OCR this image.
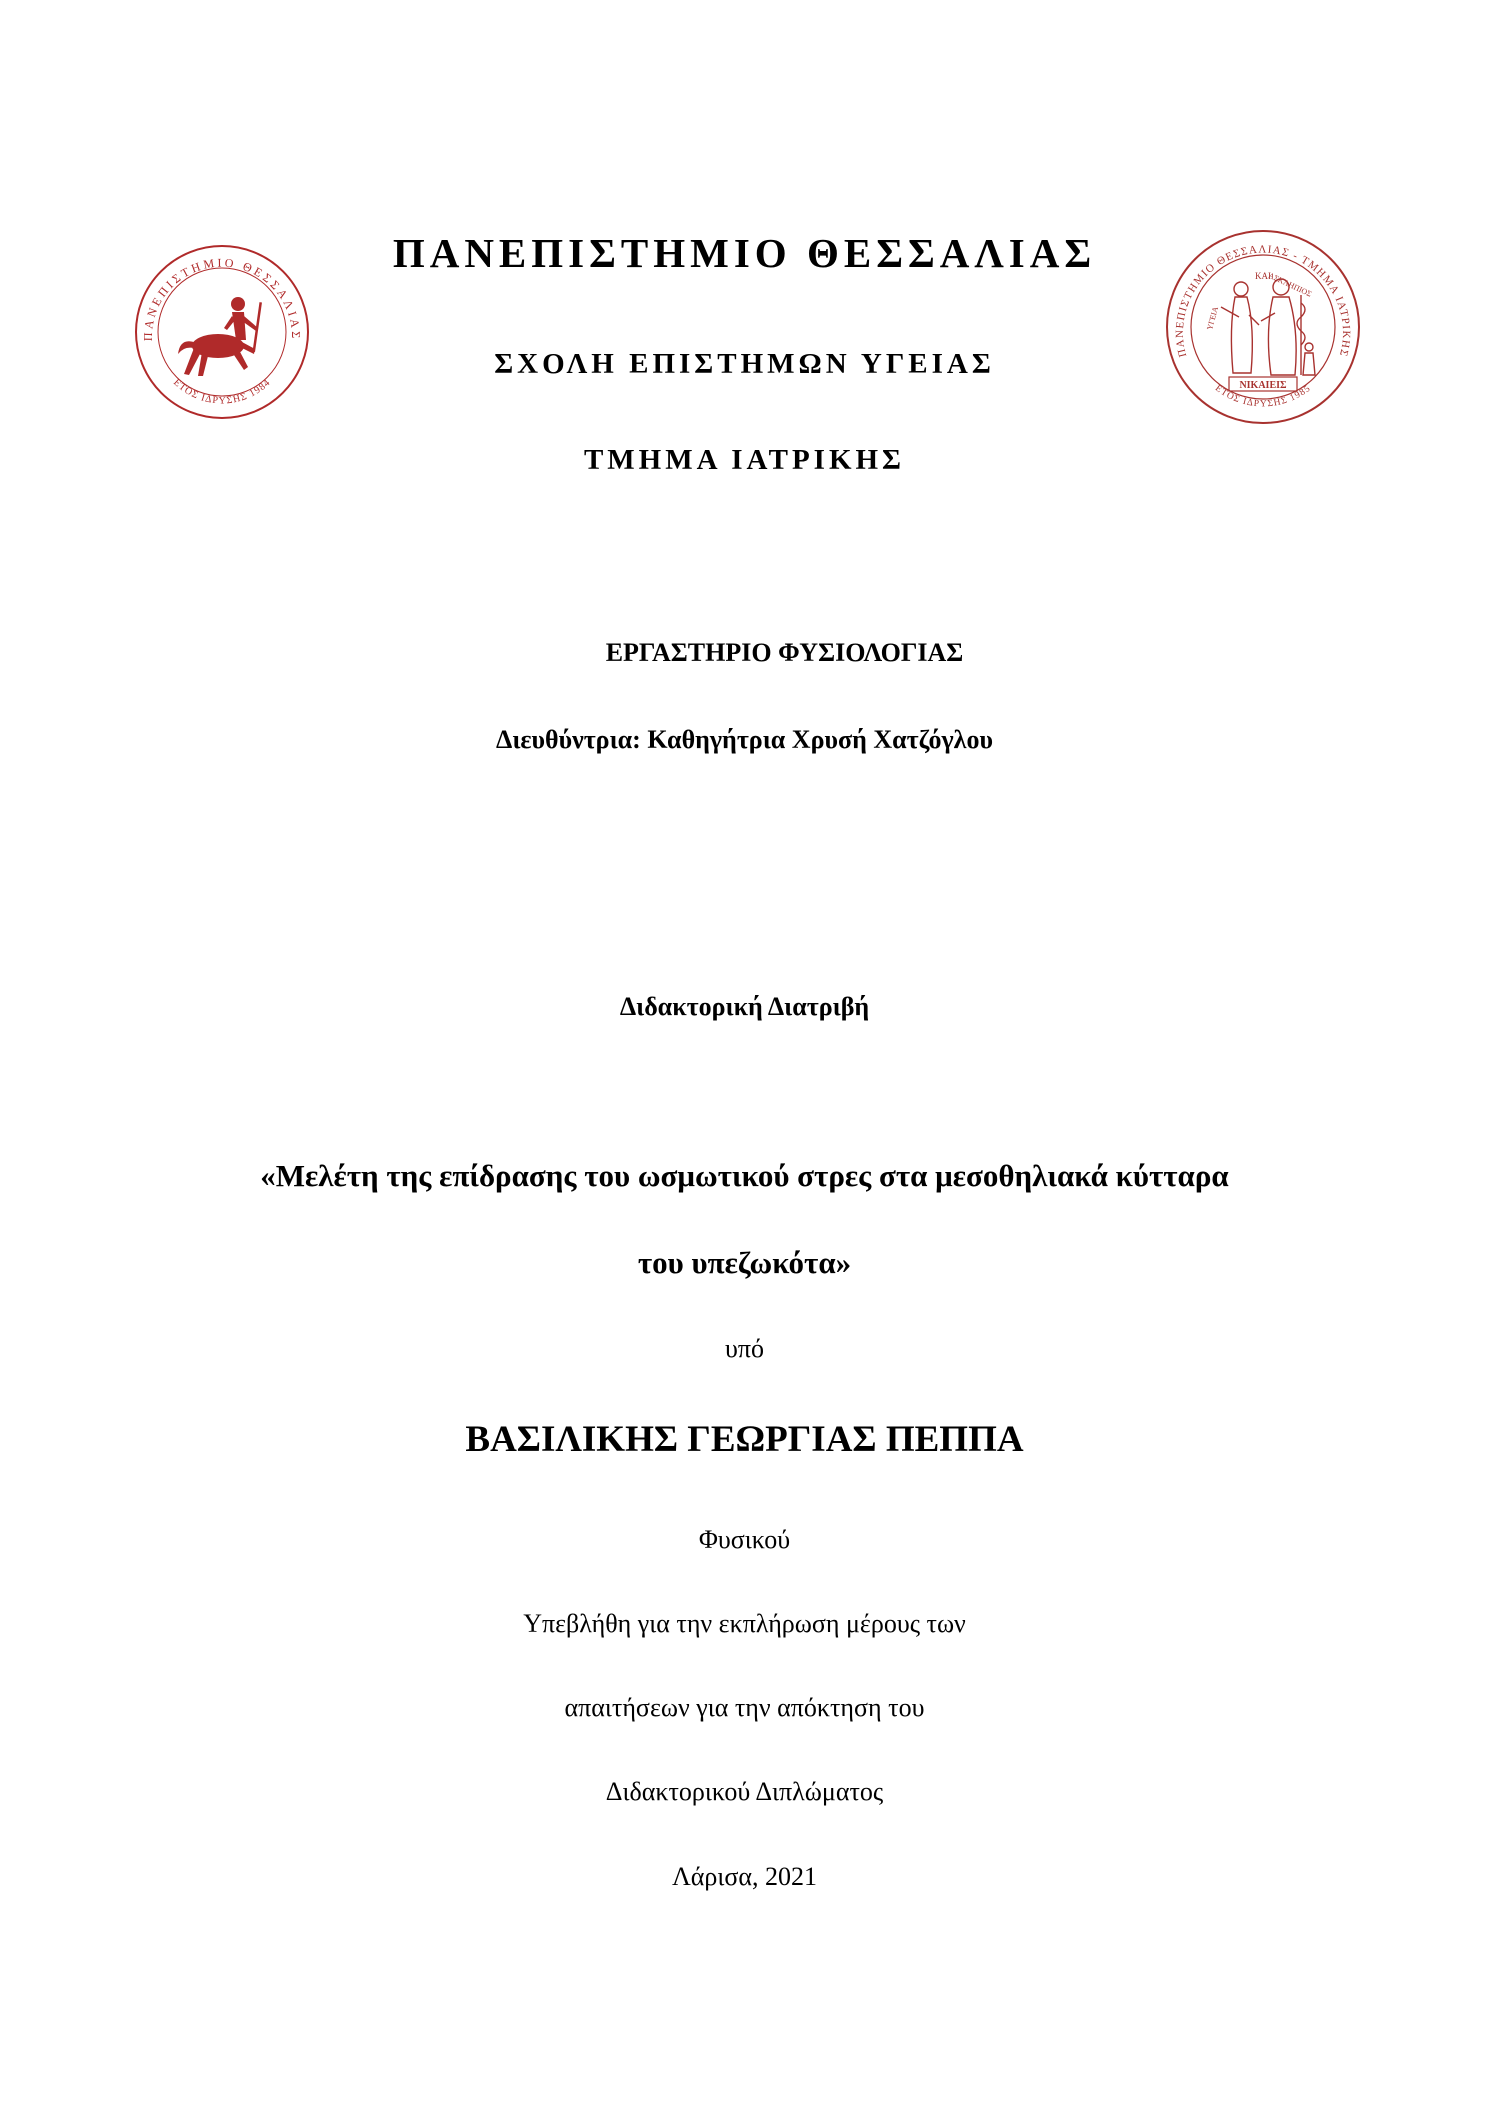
ΠΑΝΕΠΙΣΤΗΜΙΟ ΘΕΣΣΑΛΙΑΣ
ΕΤΟΣ ΙΔΡΥΣΗΣ 1984
ΠΑΝΕΠΙΣΤΗΜΙΟ ΘΕΣΣΑΛΙΑΣ - ΤΜΗΜΑ ΙΑΤΡΙΚΗΣ
ΕΤΟΣ ΙΔΡΥΣΗΣ 1985
ΚΑΙ
ΥΓΕΙΑ
ΑΣΚΛΗΠΙΟΣ
ΝΙΚΑΙΕΙΣ
ΠΑΝΕΠΙΣΤΗΜΙΟ ΘΕΣΣΑΛΙΑΣ
ΣΧΟΛΗ ΕΠΙΣΤΗΜΩΝ ΥΓΕΙΑΣ
ΤΜΗΜΑ ΙΑΤΡΙΚΗΣ
ΕΡΓΑΣΤΗΡΙΟ ΦΥΣΙΟΛΟΓΙΑΣ
Διευθύντρια: Καθηγήτρια Χρυσή Χατζόγλου
Διδακτορική Διατριβή
«Μελέτη της επίδρασης του ωσμωτικού στρες στα μεσοθηλιακά κύτταρα
του υπεζωκότα»
υπό
ΒΑΣΙΛΙΚΗΣ ΓΕΩΡΓΙΑΣ ΠΕΠΠΑ
Φυσικού
Υπεβλήθη για την εκπλήρωση μέρους των
απαιτήσεων για την απόκτηση του
Διδακτορικού Διπλώματος
Λάρισα, 2021
